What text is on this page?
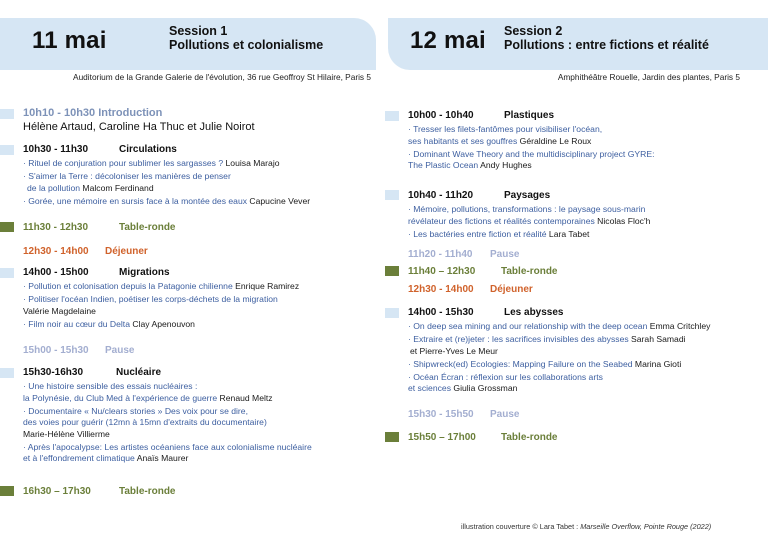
11 mai	Session 1
Pollutions et colonialisme	12 mai Session 2
Pollutions : entre fictions et réalité
Auditorium de la Grande Galerie de l'évolution, 36 rue Geoffroy St Hilaire, Paris 5	Amphithéâtre Rouelle, Jardin des plantes, Paris 5
10h10 - 10h30 Introduction
Hélène Artaud, Caroline Ha Thuc et Julie Noirot
10h30 - 11h30	Circulations
· Rituel de conjuration pour sublimer les sargasses ? Louisa Marajo
· S'aimer la Terre : décoloniser les manières de penser
de la pollution Malcom Ferdinand
· Gorée, une mémoire en sursis face à la montée des eaux Capucine Vever
11h30 - 12h30	Table-ronde
12h30 - 14h00 Déjeuner
14h00 - 15h00	Migrations
· Pollution et colonisation depuis la Patagonie chilienne Enrique Ramirez
· Politiser l'océan Indien, poétiser les corps-déchets de la migration
Valérie Magdelaine
· Film noir au cœur du Delta Clay Apenouvon
15h00 - 15h30 Pause
15h30-16h30	Nucléaire
· Une histoire sensible des essais nucléaires :
la Polynésie, du Club Med à l'expérience de guerre Renaud Meltz
· Documentaire « Nu/clears stories » Des voix pour se dire,
des voies pour guérir (12mn à 15mn d'extraits du documentaire)
Marie-Hélène Villierme
· Après l'apocalypse: Les artistes océaniens face aux colonialisme nucléaire
et à l'effondrement climatique Anaïs Maurer
16h30 – 17h30	Table-ronde
10h00 - 10h40	Plastiques
· Tresser les filets-fantômes pour visibiliser l'océan,
ses habitants et ses gouffres Géraldine Le Roux
· Dominant Wave Theory and the multidisciplinary project GYRE:
The Plastic Ocean Andy Hughes
10h40 - 11h20	Paysages
· Mémoire, pollutions, transformations : le paysage sous-marin
révélateur des fictions et réalités contemporaines Nicolas Floc'h
· Les bactéries entre fiction et réalité Lara Tabet
11h20 - 11h40 Pause
11h40 – 12h30	Table-ronde
12h30 - 14h00 Déjeuner
14h00 - 15h30	Les abysses
· On deep sea mining and our relationship with the deep ocean Emma Critchley
· Extraire et (re)jeter : les sacrifices invisibles des abysses Sarah Samadi
et Pierre-Yves Le Meur
· Shipwreck(ed) Ecologies: Mapping Failure on the Seabed Marina Gioti
· Océan Écran : réflexion sur les collaborations arts
et sciences Giulia Grossman
15h30 - 15h50 Pause
15h50 – 17h00	Table-ronde
illustration couverture © Lara Tabet : Marseille Overflow, Pointe Rouge (2022)
